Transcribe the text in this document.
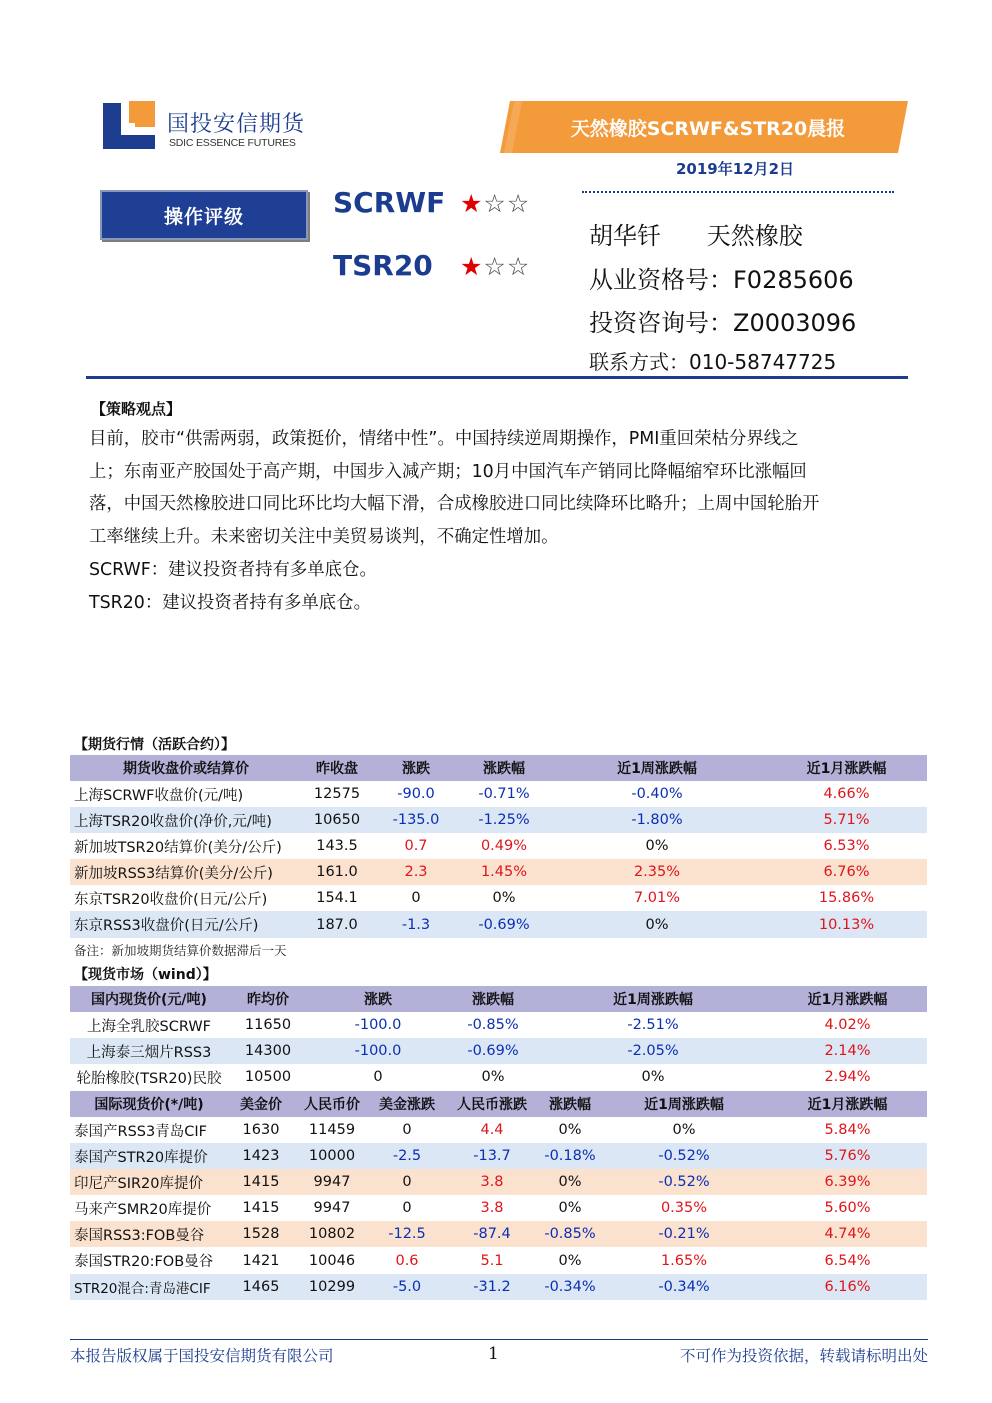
国投安信期货
SDIC ESSENCE FUTURES
天然橡胶SCRWF&STR20晨报
2019年12月2日
操作评级	SCRWF ★☆☆
TSR20 ★☆☆
胡华钎      天然橡胶
从业资格号：F0285606
投资咨询号：Z0003096
联系方式：010-58747725
【策略观点】

目前，胶市“供需两弱，政策挺价，情绪中性”。中国持续逆周期操作，PMI重回荣枯分界线之

上；东南亚产胶国处于高产期，中国步入减产期；10月中国汽车产销同比降幅缩窄环比涨幅回

落，中国天然橡胶进口同比环比均大幅下滑，合成橡胶进口同比续降环比略升；上周中国轮胎开

工率继续上升。未来密切关注中美贸易谈判，不确定性增加。

SCRWF：建议投资者持有多单底仓。

TSR20：建议投资者持有多单底仓。

【期货行情（活跃合约）】
期货收盘价或结算价	昨收盘	涨跌	涨跌幅	近1周涨跌幅	近1月涨跌幅
上海SCRWF收盘价(元/吨)	12575	-90.0	-0.71%	-0.40%	4.66%
上海TSR20收盘价(净价,元/吨)	10650	-135.0	-1.25%	-1.80%	5.71%
新加坡TSR20结算价(美分/公斤)	143.5	0.7	0.49%	0%	6.53%
新加坡RSS3结算价(美分/公斤)	161.0	2.3	1.45%	2.35%	6.76%
东京TSR20收盘价(日元/公斤)	154.1	0	0%	7.01%	15.86%
东京RSS3收盘价(日元/公斤)	187.0	-1.3	-0.69%	0%	10.13%
备注：新加坡期货结算价数据滞后一天
【现货市场（wind）】
国内现货价(元/吨)	昨均价	涨跌	涨跌幅	近1周涨跌幅	近1月涨跌幅
上海全乳胶SCRWF	11650	-100.0	-0.85%	-2.51%	4.02%
上海泰三烟片RSS3	14300	-100.0	-0.69%	-2.05%	2.14%
轮胎橡胶(TSR20)民胶	10500	0	0%	0%	2.94%
国际现货价(*/吨)	美金价	人民币价	美金涨跌	人民币涨跌	涨跌幅	近1周涨跌幅	近1月涨跌幅
泰国产RSS3青岛CIF	1630	11459	0	4.4	0%	0%	5.84%
泰国产STR20库提价	1423	10000	-2.5	-13.7	-0.18%	-0.52%	5.76%
印尼产SIR20库提价	1415	9947	0	3.8	0%	-0.52%	6.39%
马来产SMR20库提价	1415	9947	0	3.8	0%	0.35%	5.60%
泰国RSS3:FOB曼谷	1528	10802	-12.5	-87.4	-0.85%	-0.21%	4.74%
泰国STR20:FOB曼谷	1421	10046	0.6	5.1	0%	1.65%	6.54%
STR20混合:青岛港CIF	1465	10299	-5.0	-31.2	-0.34%	-0.34%	6.16%
本报告版权属于国投安信期货有限公司	1	不可作为投资依据，转载请标明出处
